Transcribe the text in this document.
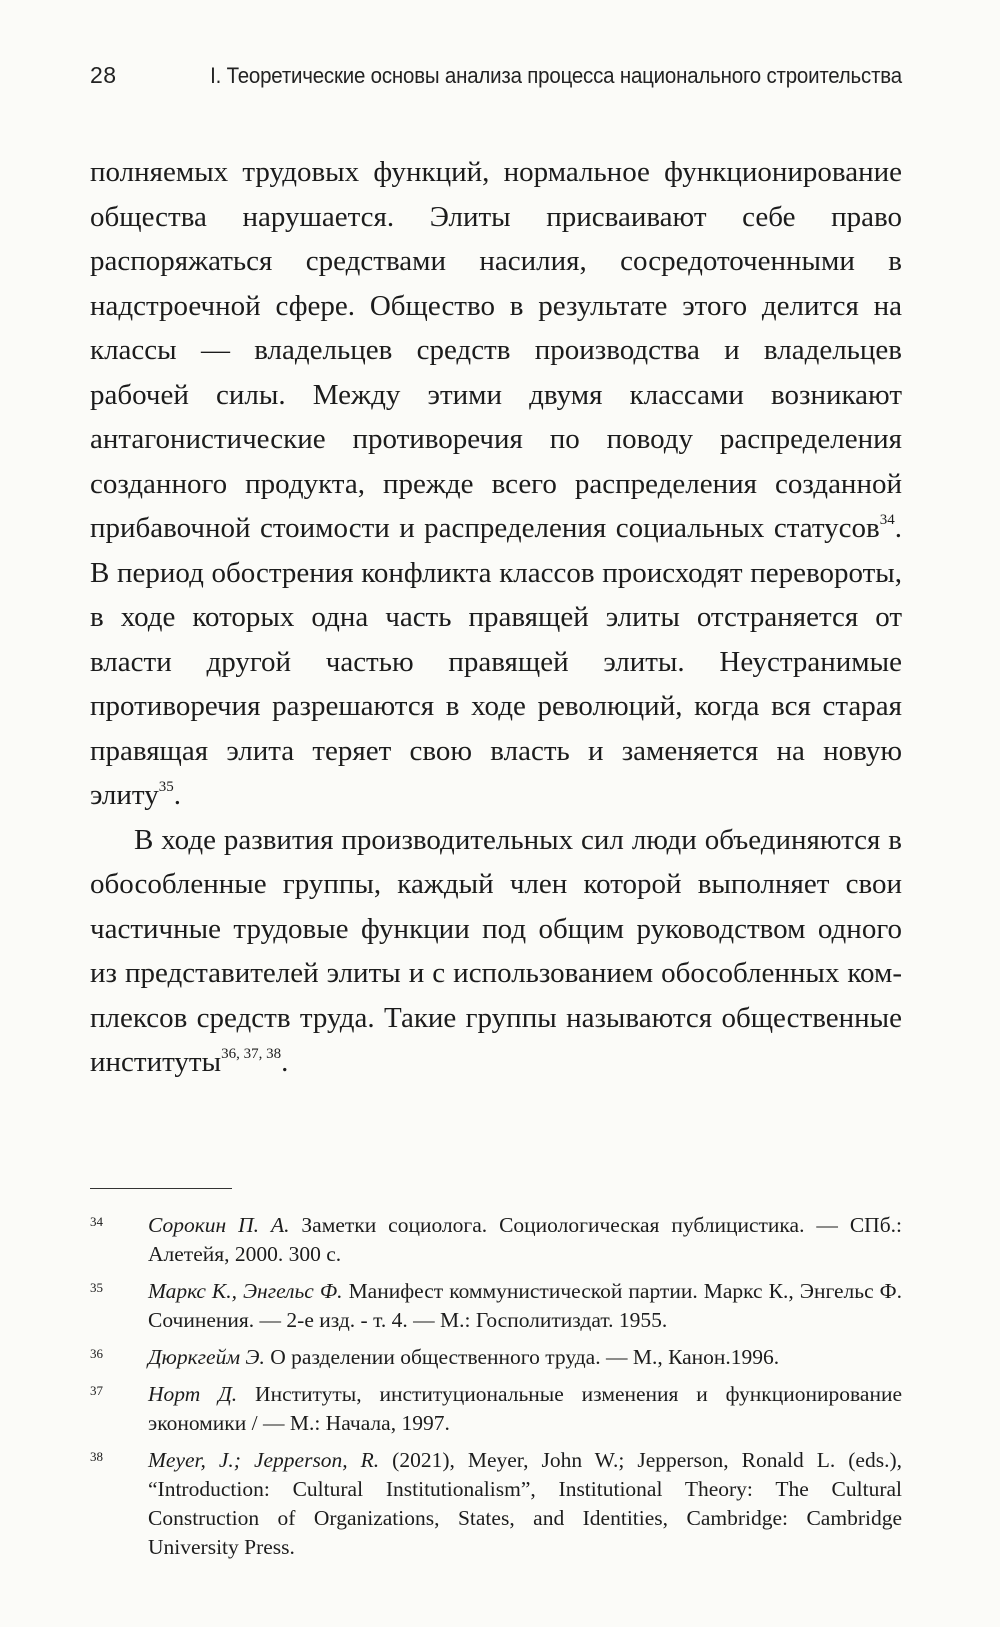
28	I. Теоретические основы анализа процесса национального строительства

полняемых трудовых функций, нормальное функционирование общества нарушается. Элиты присваивают себе право распоряжаться средствами насилия, сосредоточенными в надстроечной сфере. Общество в результате этого делится на классы — владельцев средств производства и владельцев рабочей силы. Между этими двумя классами возникают антагонистические противоречия по поводу распределения созданного продукта, прежде всего распределения созданной прибавочной стоимости и распределения социальных статусов$^{34}$. В период обострения конфликта классов происходят перевороты, в ходе которых одна часть правящей элиты отстраняется от власти другой частью правящей элиты. Неустранимые противоречия разрешаются в ходе революций, когда вся старая правящая элита теряет свою власть и заменяется на новую элиту$^{35}$.

В ходе развития производительных сил люди объединяются в обособленные группы, каждый член которой выполняет свои частичные трудовые функции под общим руководством одного из представителей элиты и с использованием обособленных комплексов средств труда. Такие группы называются общественные институты$^{36, 37, 38}$.

34 Сорокин П. А. Заметки социолога. Социологическая публицистика. — СПб.: Алетейя, 2000. 300 с.
35 Маркс К., Энгельс Ф. Манифест коммунистической партии. Маркс К., Энгельс Ф. Сочинения. — 2-е изд. - т. 4. — М.: Госполитиздат. 1955.
36 Дюркгейм Э. О разделении общественного труда. — М., Канон.1996.
37 Норт Д. Институты, институциональные изменения и функционирование экономики / — М.: Начала, 1997.
38 Meyer, J.; Jepperson, R. (2021), Meyer, John W.; Jepperson, Ronald L. (eds.), “Introduction: Cultural Institutionalism”, Institutional Theory: The Cultural Construction of Organizations, States, and Identities, Cambridge: Cambridge University Press.
